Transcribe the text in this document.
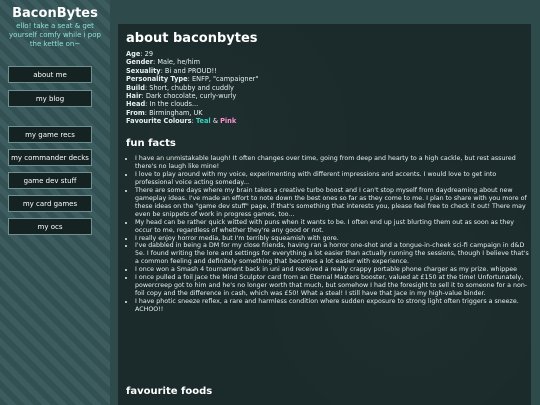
BaconBytes
ello! take a seat & get yourself comfy while i pop the kettle on~
about me
my blog
my game recs
my commander decks
game dev stuff
my card games
my ocs
about baconbytes
Age: 29
Gender: Male, he/him
Sexuality: Bi and PROUD!!
Personality Type: ENFP, "campaigner"
Build: Short, chubby and cuddly
Hair: Dark chocolate, curly-wurly
Head: In the clouds...
From: Birmingham, UK
Favourite Colours: Teal & Pink
fun facts
• I have an unmistakable laugh! It often changes over time, going from deep and hearty to a high cackle, but rest assured there's no laugh like mine!
• I love to play around with my voice, experimenting with different impressions and accents. I would love to get into professional voice acting someday...
• There are some days where my brain takes a creative turbo boost and I can't stop myself from daydreaming about new gameplay ideas. I've made an effort to note down the best ones so far as they come to me. I plan to share with you more of these ideas on the "game dev stuff" page, if that's something that interests you, please feel free to check it out! There may even be snippets of work in progress games, too...
• My head can be rather quick witted with puns when it wants to be. I often end up just blurting them out as soon as they occur to me, regardless of whether they're any good or not.
• I really enjoy horror media, but I'm terribly squeamish with gore.
• I've dabbled in being a DM for my close friends, having ran a horror one-shot and a tongue-in-cheek sci-fi campaign in d&D 5e. I found writing the lore and settings for everything a lot easier than actually running the sessions, though I believe that's a common feeling and definitely something that becomes a lot easier with experience.
• I once won a Smash 4 tournament back in uni and received a really crappy portable phone charger as my prize. whippee
• I once pulled a foil Jace the Mind Sculptor card from an Eternal Masters booster, valued at £150 at the time! Unfortunately, powercreep got to him and he's no longer worth that much, but somehow I had the foresight to sell it to someone for a non-foil copy and the difference in cash, which was £50! What a steal! I still have that Jace in my high-value binder.
• I have photic sneeze reflex, a rare and harmless condition where sudden exposure to strong light often triggers a sneeze. ACHOO!!
favourite foods
